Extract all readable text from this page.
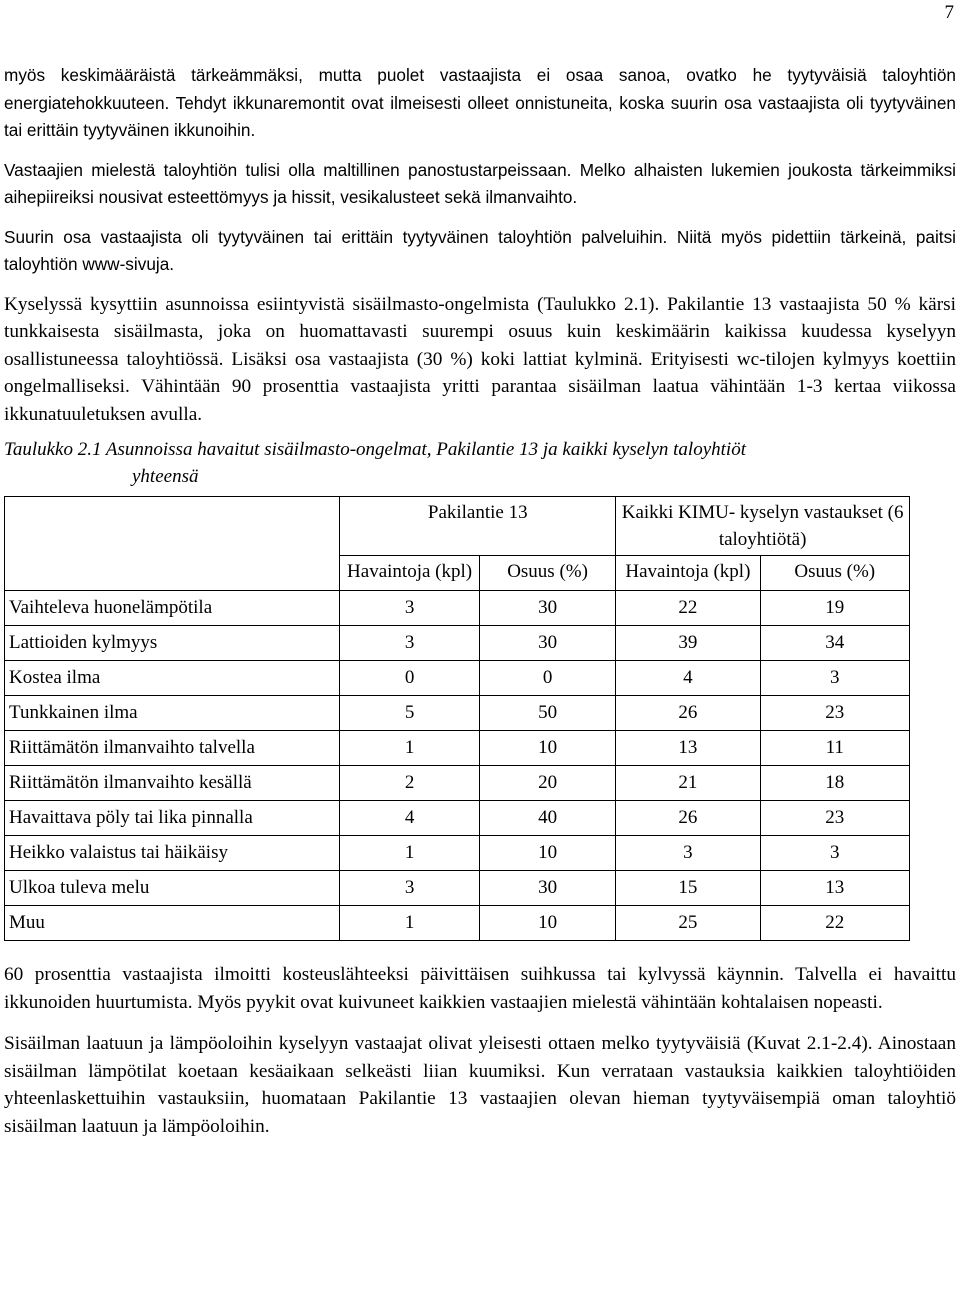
7

myös keskimääräistä tärkeämmäksi, mutta puolet vastaajista ei osaa sanoa, ovatko he tyytyväisiä taloyhtiön energiatehokkuuteen. Tehdyt ikkunaremontit ovat ilmeisesti olleet onnistuneita, koska suurin osa vastaajista oli tyytyväinen tai erittäin tyytyväinen ikkunoihin.

Vastaajien mielestä taloyhtiön tulisi olla maltillinen panostustarpeissaan. Melko alhaisten lukemien joukosta tärkeimmiksi aihepiireiksi nousivat esteettömyys ja hissit, vesikalusteet sekä ilmanvaihto.

Suurin osa vastaajista oli tyytyväinen tai erittäin tyytyväinen taloyhtiön palveluihin. Niitä myös pidettiin tärkeinä, paitsi taloyhtiön www-sivuja.

Kyselyssä kysyttiin asunnoissa esiintyvistä sisäilmasto-ongelmista (Taulukko 2.1). Pakilantie 13 vastaajista 50 % kärsi tunkkaisesta sisäilmasta, joka on huomattavasti suurempi osuus kuin keskimäärin kaikissa kuudessa kyselyyn osallistuneessa taloyhtiössä. Lisäksi osa vastaajista (30 %) koki lattiat kylminä. Erityisesti wc-tilojen kylmyys koettiin ongelmalliseksi. Vähintään 90 prosenttia vastaajista yritti parantaa sisäilman laatua vähintään 1-3 kertaa viikossa ikkunatuuletuksen avulla.

Taulukko 2.1 Asunnoissa havaitut sisäilmasto-ongelmat, Pakilantie 13 ja kaikki kyselyn taloyhtiöt
yhteensä
	Pakilantie 13		Kaikki KIMU- kyselyn vastaukset (6 taloyhtiötä)	
	Havaintoja (kpl)	Osuus (%)	Havaintoja (kpl)	Osuus (%)
Vaihteleva huonelämpötila	3	30	22	19
Lattioiden kylmyys	3	30	39	34
Kostea ilma	0	0	4	3
Tunkkainen ilma	5	50	26	23
Riittämätön ilmanvaihto talvella	1	10	13	11
Riittämätön ilmanvaihto kesällä	2	20	21	18
Havaittava pöly tai lika pinnalla	4	40	26	23
Heikko valaistus tai häikäisy	1	10	3	3
Ulkoa tuleva melu	3	30	15	13
Muu	1	10	25	22

60 prosenttia vastaajista ilmoitti kosteuslähteeksi päivittäisen suihkussa tai kylvyssä käynnin. Talvella ei havaittu ikkunoiden huurtumista. Myös pyykit ovat kuivuneet kaikkien vastaajien mielestä vähintään kohtalaisen nopeasti.

Sisäilman laatuun ja lämpöoloihin kyselyyn vastaajat olivat yleisesti ottaen melko tyytyväisiä (Kuvat 2.1-2.4). Ainostaan sisäilman lämpötilat koetaan kesäaikaan selkeästi liian kuumiksi. Kun verrataan vastauksia kaikkien taloyhtiöiden yhteenlaskettuihin vastauksiin, huomataan Pakilantie 13 vastaajien olevan hieman tyytyväisempiä oman taloyhtiö sisäilman laatuun ja lämpöoloihin.
